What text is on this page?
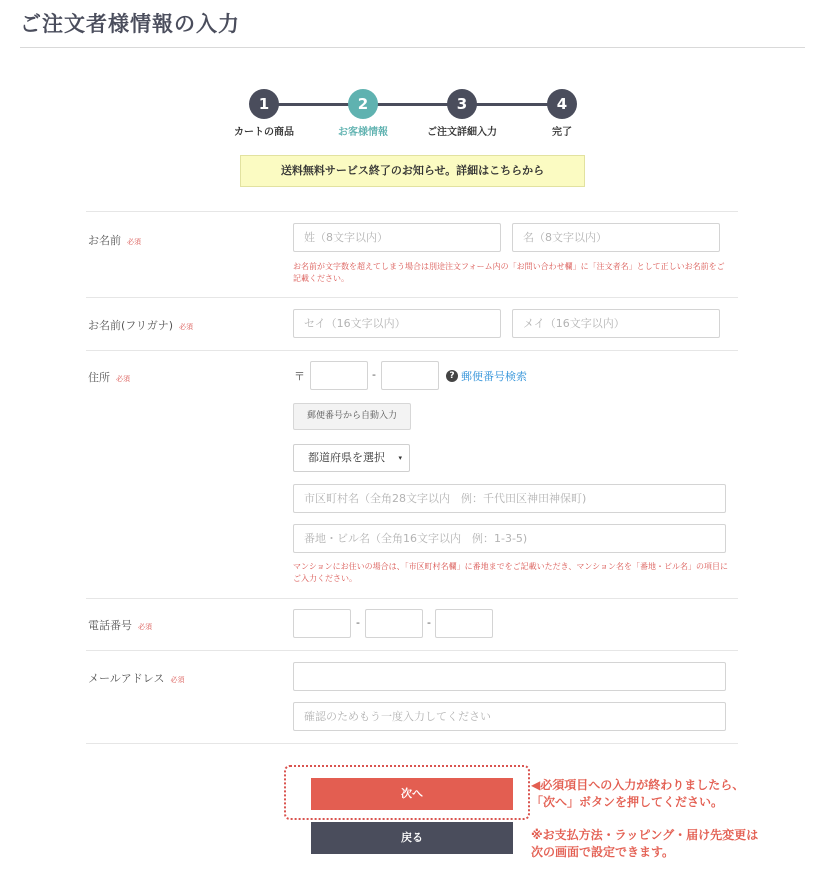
ご注文者様情報の入力
1	2	3	4
カートの商品	お客様情報	ご注文詳細入力	完了
送料無料サービス終了のお知らせ。詳細はこちらから
お名前 必須
姓（8文字以内）
名（8文字以内）
お名前が文字数を超えてしまう場合は別途注文フォーム内の「お問い合わせ欄」に「注文者名」として正しいお名前をご記載ください。
お名前(フリガナ) 必須
セイ（16文字以内）
メイ（16文字以内）
住所 必須	〒	-	? 郵便番号検索
郵便番号から自動入力
都道府県を選択 ▾
市区町村名（全角28文字以内　例：千代田区神田神保町)
番地・ビル名（全角16文字以内　例：1-3-5)
マンションにお住いの場合は、「市区町村名欄」に番地までをご記載いただき、マンション名を「番地・ビル名」の項目にご入力ください。
電話番号 必須	-	-
メールアドレス 必須
確認のためもう一度入力してください
次へ
戻る
◀必須項目への入力が終わりましたら、
「次へ」ボタンを押してください。
※お支払方法・ラッピング・届け先変更は
次の画面で設定できます。
